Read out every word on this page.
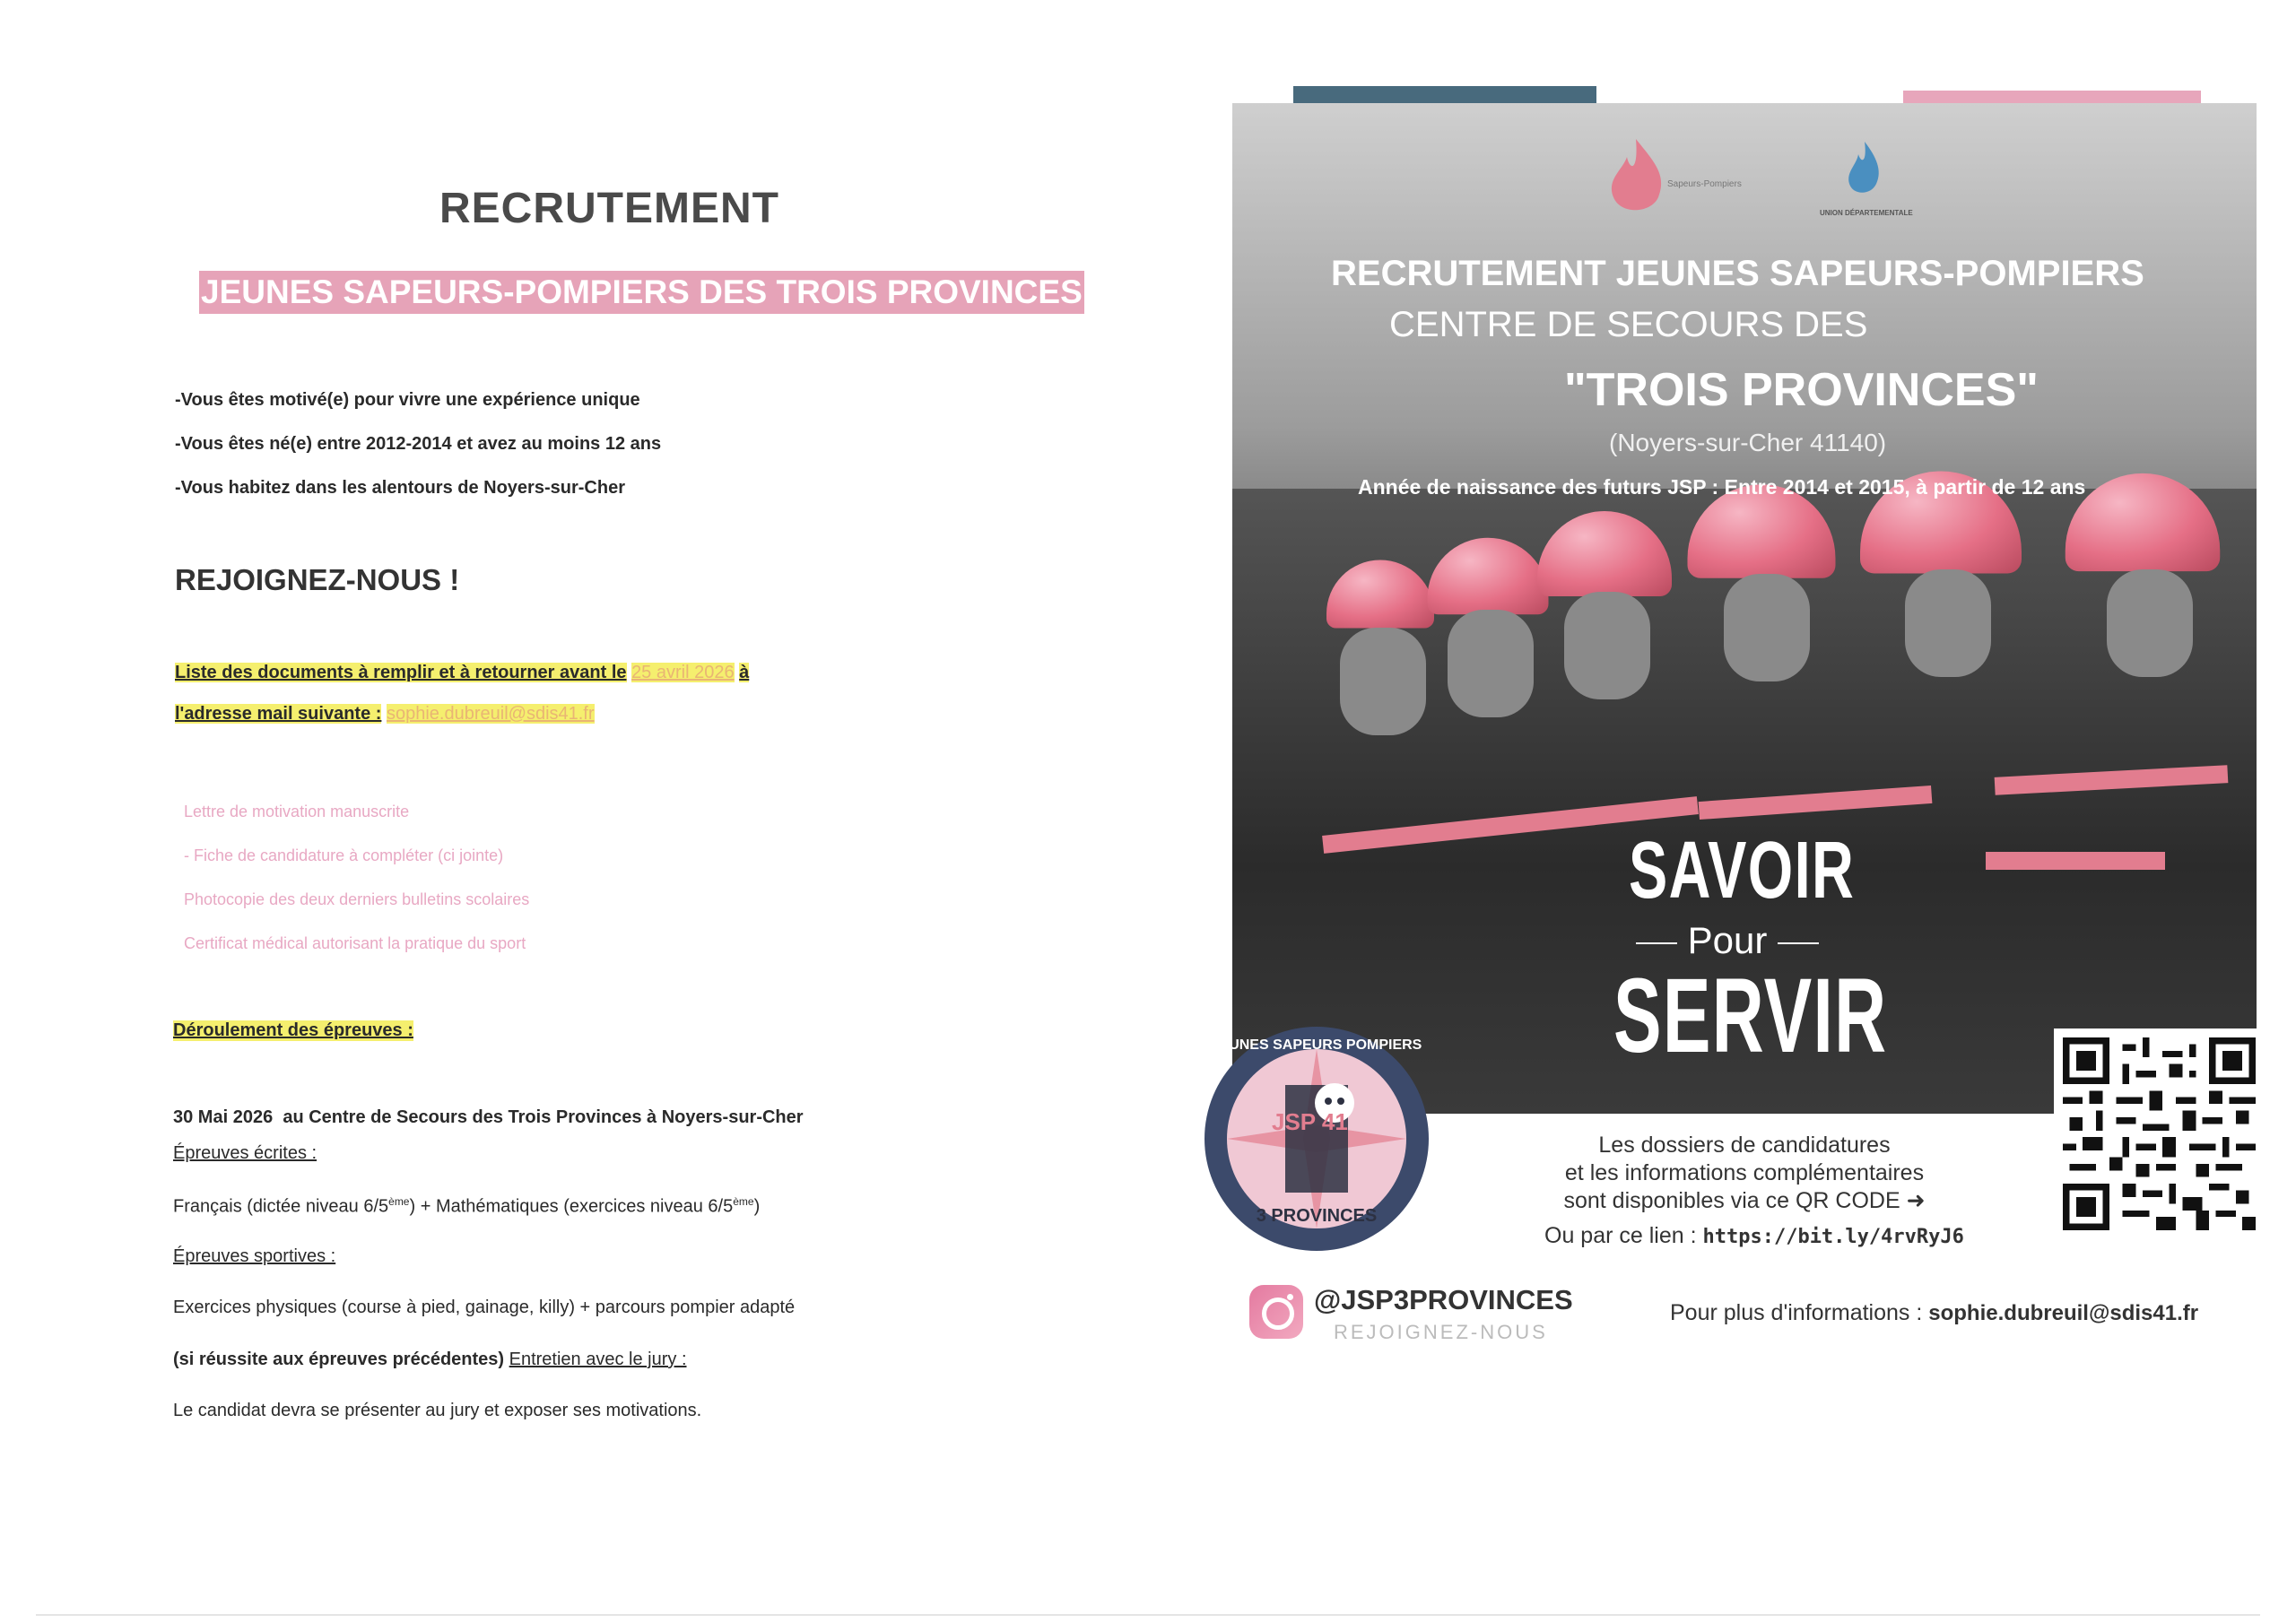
RECRUTEMENT
JEUNES SAPEURS-POMPIERS DES TROIS PROVINCES
-Vous êtes motivé(e) pour vivre une expérience unique
-Vous êtes né(e) entre 2012-2014 et avez au moins 12 ans
-Vous habitez dans les alentours de Noyers-sur-Cher
REJOIGNEZ-NOUS !
Liste des documents à remplir et à retourner avant le 25 avril 2026 à
l'adresse mail suivante : sophie.dubreuil@sdis41.fr
Lettre de motivation manuscrite
- Fiche de candidature à compléter (ci jointe)
Photocopie des deux derniers bulletins scolaires
Certificat médical autorisant la pratique du sport
Déroulement des épreuves :
30 Mai 2026 au Centre de Secours des Trois Provinces à Noyers-sur-Cher
Épreuves écrites :
Français (dictée niveau 6/5ème) + Mathématiques (exercices niveau 6/5ème)
Épreuves sportives :
Exercices physiques (course à pied, gainage, killy) + parcours pompier adapté
(si réussite aux épreuves précédentes) Entretien avec le jury :
Le candidat devra se présenter au jury et exposer ses motivations.
Sapeurs-Pompiers
UNION DÉPARTEMENTALE
RECRUTEMENT JEUNES SAPEURS-POMPIERS
CENTRE DE SECOURS DES
"TROIS PROVINCES"
(Noyers-sur-Cher 41140)
Année de naissance des futurs JSP : Entre 2014 et 2015, à partir de 12 ans
SAVOIR
Pour
SERVIR
JSP 41
JEUNES SAPEURS POMPIERS
3 PROVINCES
Les dossiers de candidatures
et les informations complémentaires
sont disponibles via ce QR CODE ➜
Ou par ce lien : https://bit.ly/4rvRyJ6
@JSP3PROVINCES
REJOIGNEZ-NOUS
Pour plus d'informations : sophie.dubreuil@sdis41.fr
